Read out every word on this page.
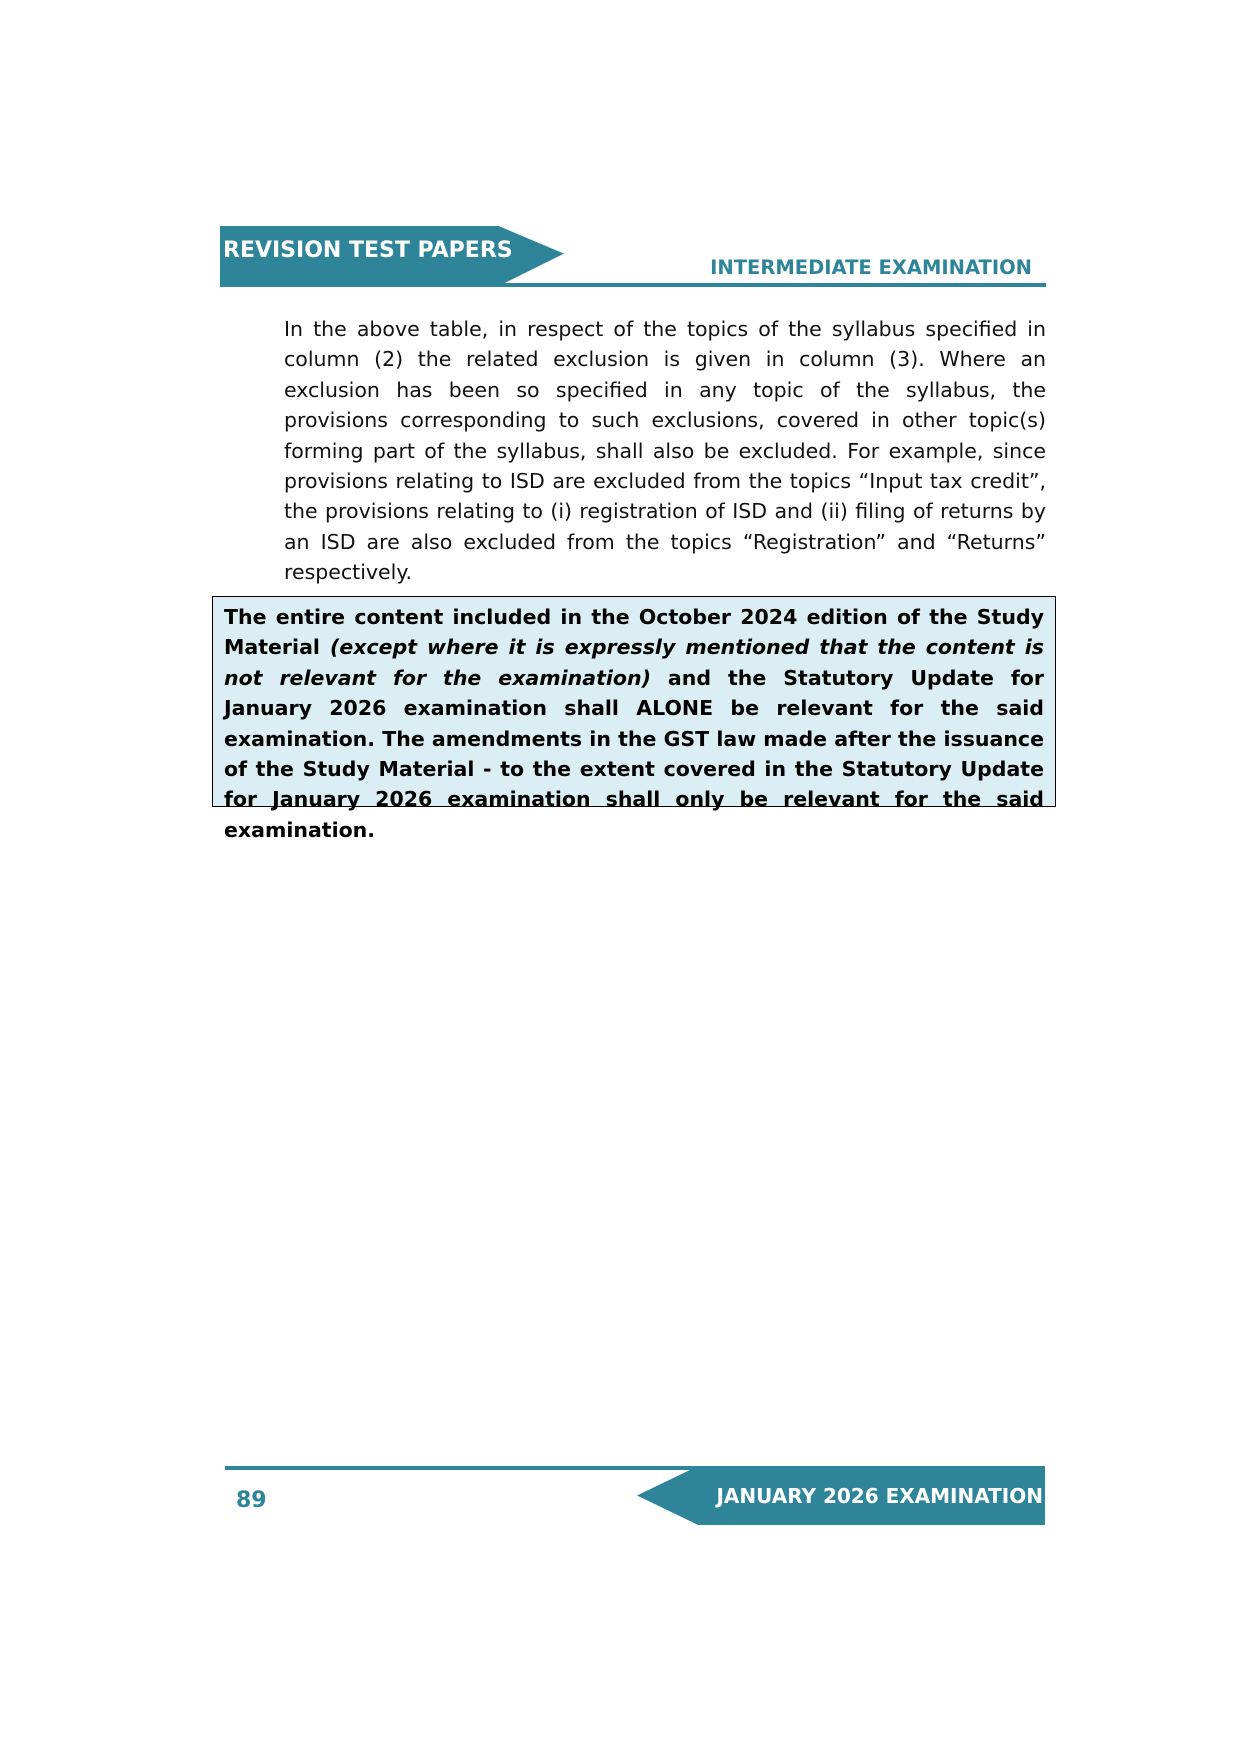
REVISION TEST PAPERS
INTERMEDIATE EXAMINATION

In the above table, in respect of the topics of the syllabus specified in column (2) the related exclusion is given in column (3). Where an exclusion has been so specified in any topic of the syllabus, the provisions corresponding to such exclusions, covered in other topic(s) forming part of the syllabus, shall also be excluded. For example, since provisions relating to ISD are excluded from the topics “Input tax credit”, the provisions relating to (i) registration of ISD and (ii) filing of returns by an ISD are also excluded from the topics “Registration” and “Returns” respectively.

The entire content included in the October 2024 edition of the Study Material (except where it is expressly mentioned that the content is not relevant for the examination) and the Statutory Update for January 2026 examination shall ALONE be relevant for the said examination. The amendments in the GST law made after the issuance of the Study Material - to the extent covered in the Statutory Update for January 2026 examination shall only be relevant for the said examination.

JANUARY 2026 EXAMINATION
89
